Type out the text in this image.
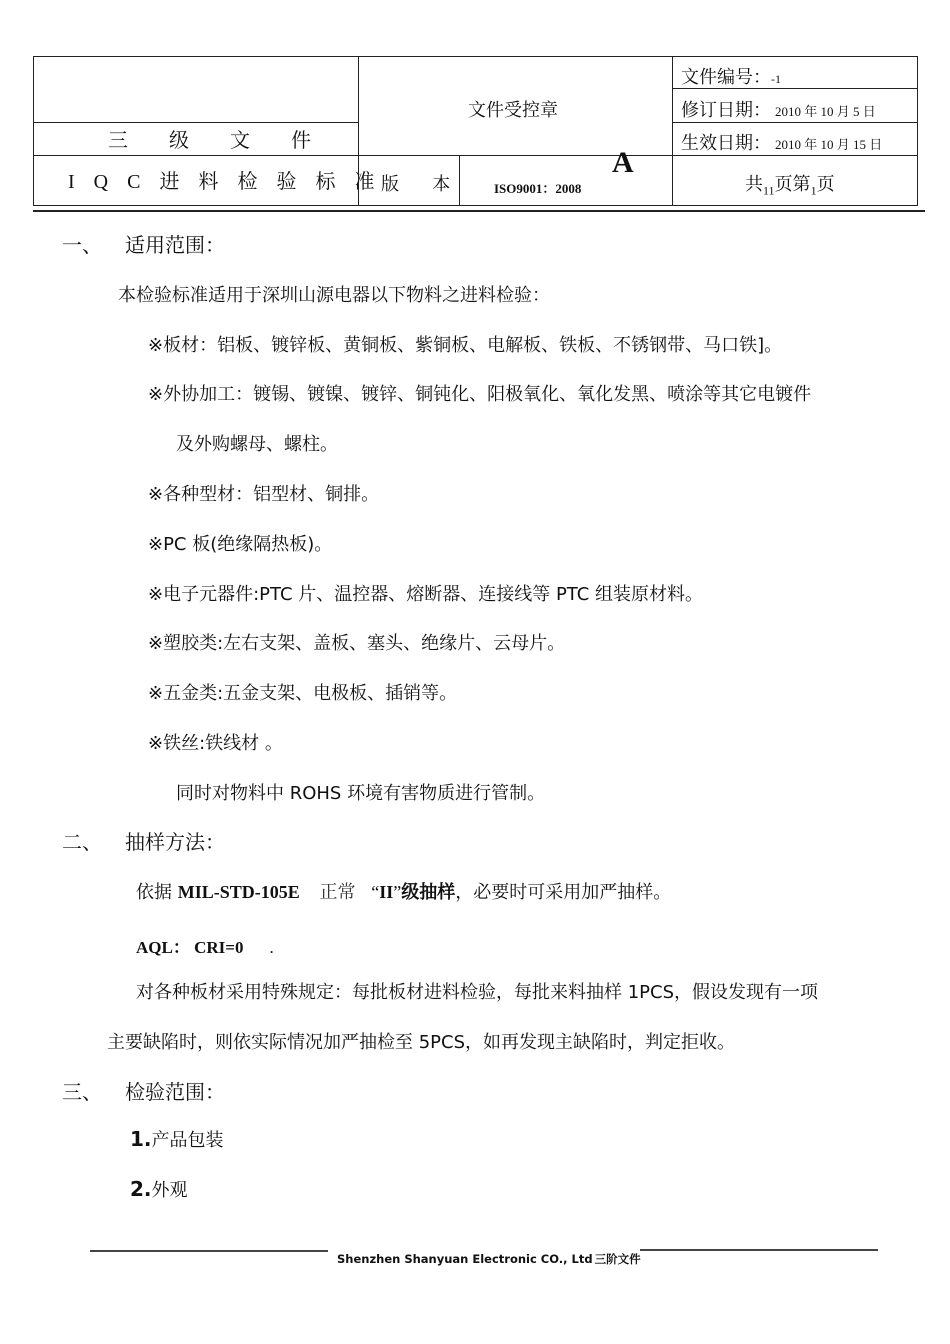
三 级 文 件
I Q C 进 料 检 验 标 准
文件受控章
版 本 ISO9001：2008
A
文件编号：-1
修订日期： 2010 年 10 月 5 日
生效日期： 2010 年 10 月 15 日
共$_{11}$页第$_1$页
一、 适用范围：
本检验标准适用于深圳山源电器以下物料之进料检验：
※板材：铝板、镀锌板、黄铜板、紫铜板、电解板、铁板、不锈钢带、马口铁]。
※外协加工：镀锡、镀镍、镀锌、铜钝化、阳极氧化、氧化发黑、喷涂等其它电镀件
及外购螺母、螺柱。
※各种型材：铝型材、铜排。
※PC 板(绝缘隔热板)。
※电子元器件:PTC 片、温控器、熔断器、连接线等 PTC 组装原材料。
※塑胶类:左右支架、盖板、塞头、绝缘片、云母片。
※五金类:五金支架、电极板、插销等。
※铁丝:铁线材 。
同时对物料中 ROHS 环境有害物质进行管制。
二、 抽样方法：
依据 MIL-STD-105E 正常 “II”级抽样，必要时可采用加严抽样。
AQL： CRI=0 .
对各种板材采用特殊规定：每批板材进料检验，每批来料抽样 1PCS，假设发现有一项
主要缺陷时，则依实际情况加严抽检至 5PCS，如再发现主缺陷时，判定拒收。
三、 检验范围：
1.产品包装
2.外观
Shenzhen Shanyuan Electronic CO., Ltd 三阶文件
